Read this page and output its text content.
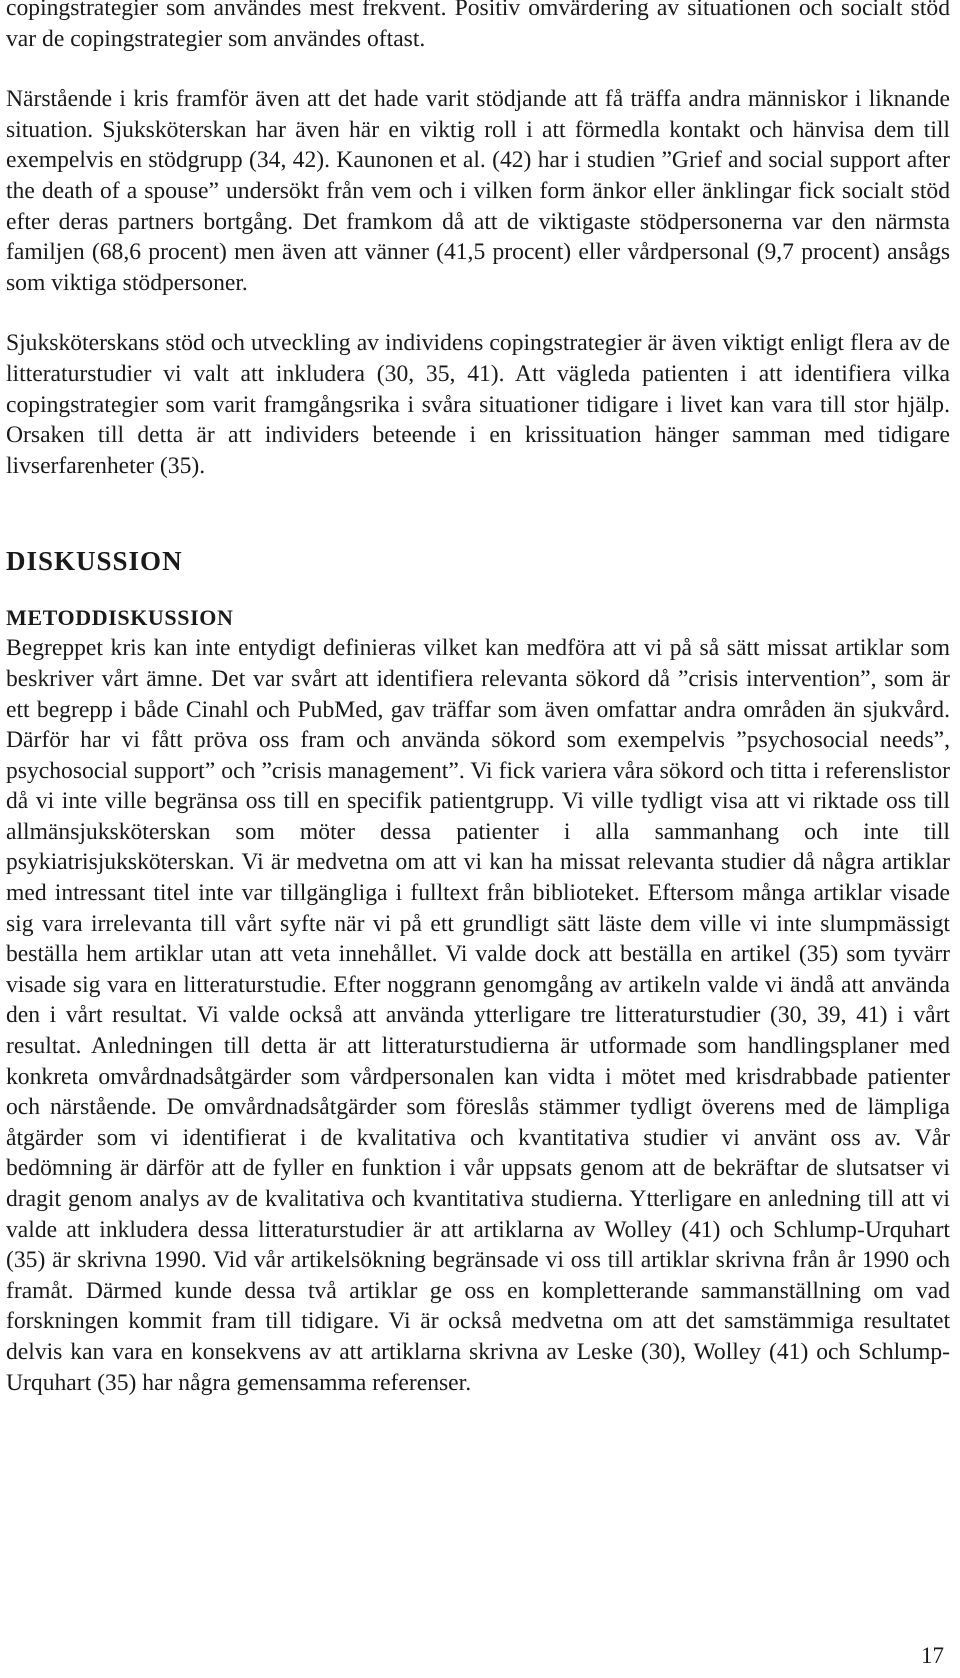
copingstrategier som användes mest frekvent. Positiv omvärdering av situationen och socialt stöd var de copingstrategier som användes oftast.

Närstående i kris framför även att det hade varit stödjande att få träffa andra människor i liknande situation. Sjuksköterskan har även här en viktig roll i att förmedla kontakt och hänvisa dem till exempelvis en stödgrupp (34, 42). Kaunonen et al. (42) har i studien ”Grief and social support after the death of a spouse” undersökt från vem och i vilken form änkor eller änklingar fick socialt stöd efter deras partners bortgång. Det framkom då att de viktigaste stödpersonerna var den närmsta familjen (68,6 procent) men även att vänner (41,5 procent) eller vårdpersonal (9,7 procent) ansågs som viktiga stödpersoner.

Sjuksköterskans stöd och utveckling av individens copingstrategier är även viktigt enligt flera av de litteraturstudier vi valt att inkludera (30, 35, 41). Att vägleda patienten i att identifiera vilka copingstrategier som varit framgångsrika i svåra situationer tidigare i livet kan vara till stor hjälp. Orsaken till detta är att individers beteende i en krissituation hänger samman med tidigare livserfarenheter (35).

DISKUSSION
METODDISKUSSION

Begreppet kris kan inte entydigt definieras vilket kan medföra att vi på så sätt missat artiklar som beskriver vårt ämne. Det var svårt att identifiera relevanta sökord då ”crisis intervention”, som är ett begrepp i både Cinahl och PubMed, gav träffar som även omfattar andra områden än sjukvård. Därför har vi fått pröva oss fram och använda sökord som exempelvis ”psychosocial needs”, psychosocial support” och ”crisis management”. Vi fick variera våra sökord och titta i referenslistor då vi inte ville begränsa oss till en specifik patientgrupp. Vi ville tydligt visa att vi riktade oss till allmänsjuksköterskan som möter dessa patienter i alla sammanhang och inte till psykiatrisjuksköterskan. Vi är medvetna om att vi kan ha missat relevanta studier då några artiklar med intressant titel inte var tillgängliga i fulltext från biblioteket. Eftersom många artiklar visade sig vara irrelevanta till vårt syfte när vi på ett grundligt sätt läste dem ville vi inte slumpmässigt beställa hem artiklar utan att veta innehållet. Vi valde dock att beställa en artikel (35) som tyvärr visade sig vara en litteraturstudie. Efter noggrann genomgång av artikeln valde vi ändå att använda den i vårt resultat. Vi valde också att använda ytterligare tre litteraturstudier (30, 39, 41) i vårt resultat. Anledningen till detta är att litteraturstudierna är utformade som handlingsplaner med konkreta omvårdnadsåtgärder som vårdpersonalen kan vidta i mötet med krisdrabbade patienter och närstående. De omvårdnadsåtgärder som föreslås stämmer tydligt överens med de lämpliga åtgärder som vi identifierat i de kvalitativa och kvantitativa studier vi använt oss av. Vår bedömning är därför att de fyller en funktion i vår uppsats genom att de bekräftar de slutsatser vi dragit genom analys av de kvalitativa och kvantitativa studierna. Ytterligare en anledning till att vi valde att inkludera dessa litteraturstudier är att artiklarna av Wolley (41) och Schlump-Urquhart (35) är skrivna 1990. Vid vår artikelsökning begränsade vi oss till artiklar skrivna från år 1990 och framåt. Därmed kunde dessa två artiklar ge oss en kompletterande sammanställning om vad forskningen kommit fram till tidigare. Vi är också medvetna om att det samstämmiga resultatet delvis kan vara en konsekvens av att artiklarna skrivna av Leske (30), Wolley (41) och Schlump-Urquhart (35) har några gemensamma referenser.

17
